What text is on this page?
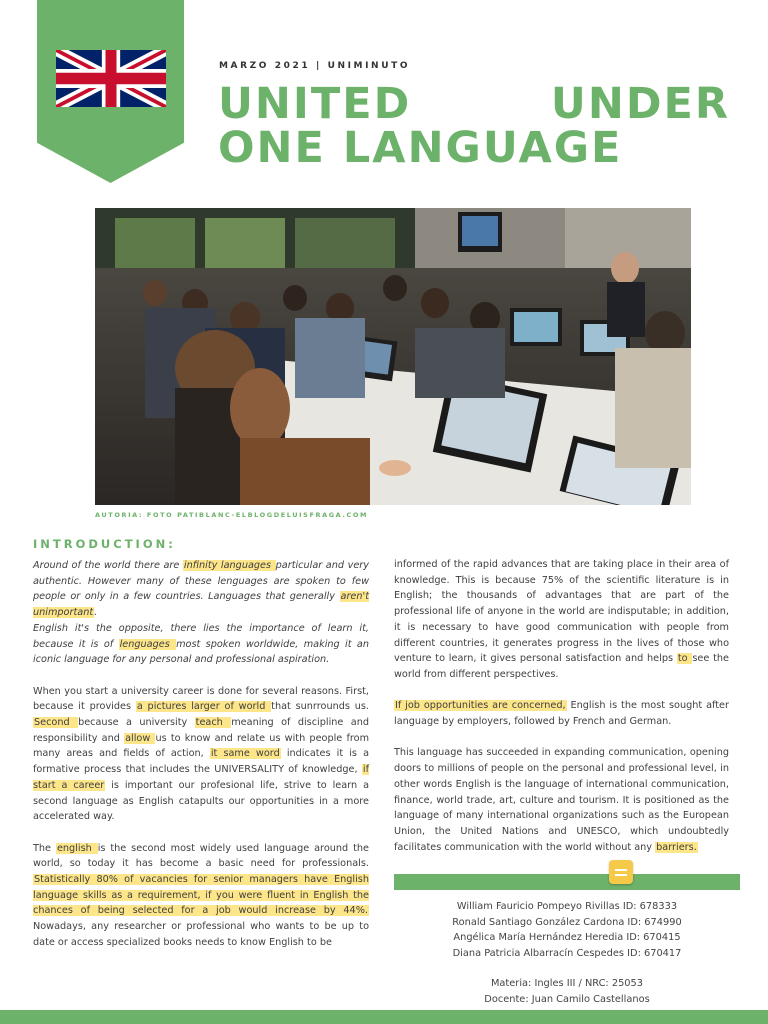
MARZO 2021 | UNIMINUTO
UNITED UNDER ONE LANGUAGE
AUTORIA: FOTO PATIBLANC-ELBLOGDELUISFRAGA.COM
INTRODUCTION:

Around of the world there are infinity languages particular and very authentic. However many of these lenguages are spoken to few people or only in a few countries. Languages that generally aren't unimportant.

English it's the opposite, there lies the importance of learn it, because it is of lenguages most spoken worldwide, making it an iconic language for any personal and professional aspiration.

When you start a university career is done for several reasons. First, because it provides a pictures larger of world that sunrrounds us. Second because a university teach meaning of discipline and responsibility and allow us to know and relate us with people from many areas and fields of action, it same word indicates it is a formative process that includes the UNIVERSALITY of knowledge, if start a career is important our profesional life, strive to learn a second language as English catapults our opportunities in a more accelerated way.

The english is the second most widely used language around the world, so today it has become a basic need for professionals. Statistically 80% of vacancies for senior managers have English language skills as a requirement, if you were fluent in English the chances of being selected for a job would increase by 44%. Nowadays, any researcher or professional who wants to be up to date or access specialized books needs to know English to be

informed of the rapid advances that are taking place in their area of knowledge. This is because 75% of the scientific literature is in English; the thousands of advantages that are part of the professional life of anyone in the world are indisputable; in addition, it is necessary to have good communication with people from different countries, it generates progress in the lives of those who venture to learn, it gives personal satisfaction and helps to see the world from different perspectives.

If job opportunities are concerned, English is the most sought after language by employers, followed by French and German.

This language has succeeded in expanding communication, opening doors to millions of people on the personal and professional level, in other words English is the language of international communication, finance, world trade, art, culture and tourism. It is positioned as the language of many international organizations such as the European Union, the United Nations and UNESCO, which undoubtedly facilitates communication with the world without any barriers.

William Fauricio Pompeyo Rivillas ID: 678333
Ronald Santiago González Cardona ID: 674990
Angélica María Hernández Heredia ID: 670415
Diana Patricia Albarracín Cespedes ID: 670417
Materia: Ingles III / NRC: 25053
Docente: Juan Camilo Castellanos
